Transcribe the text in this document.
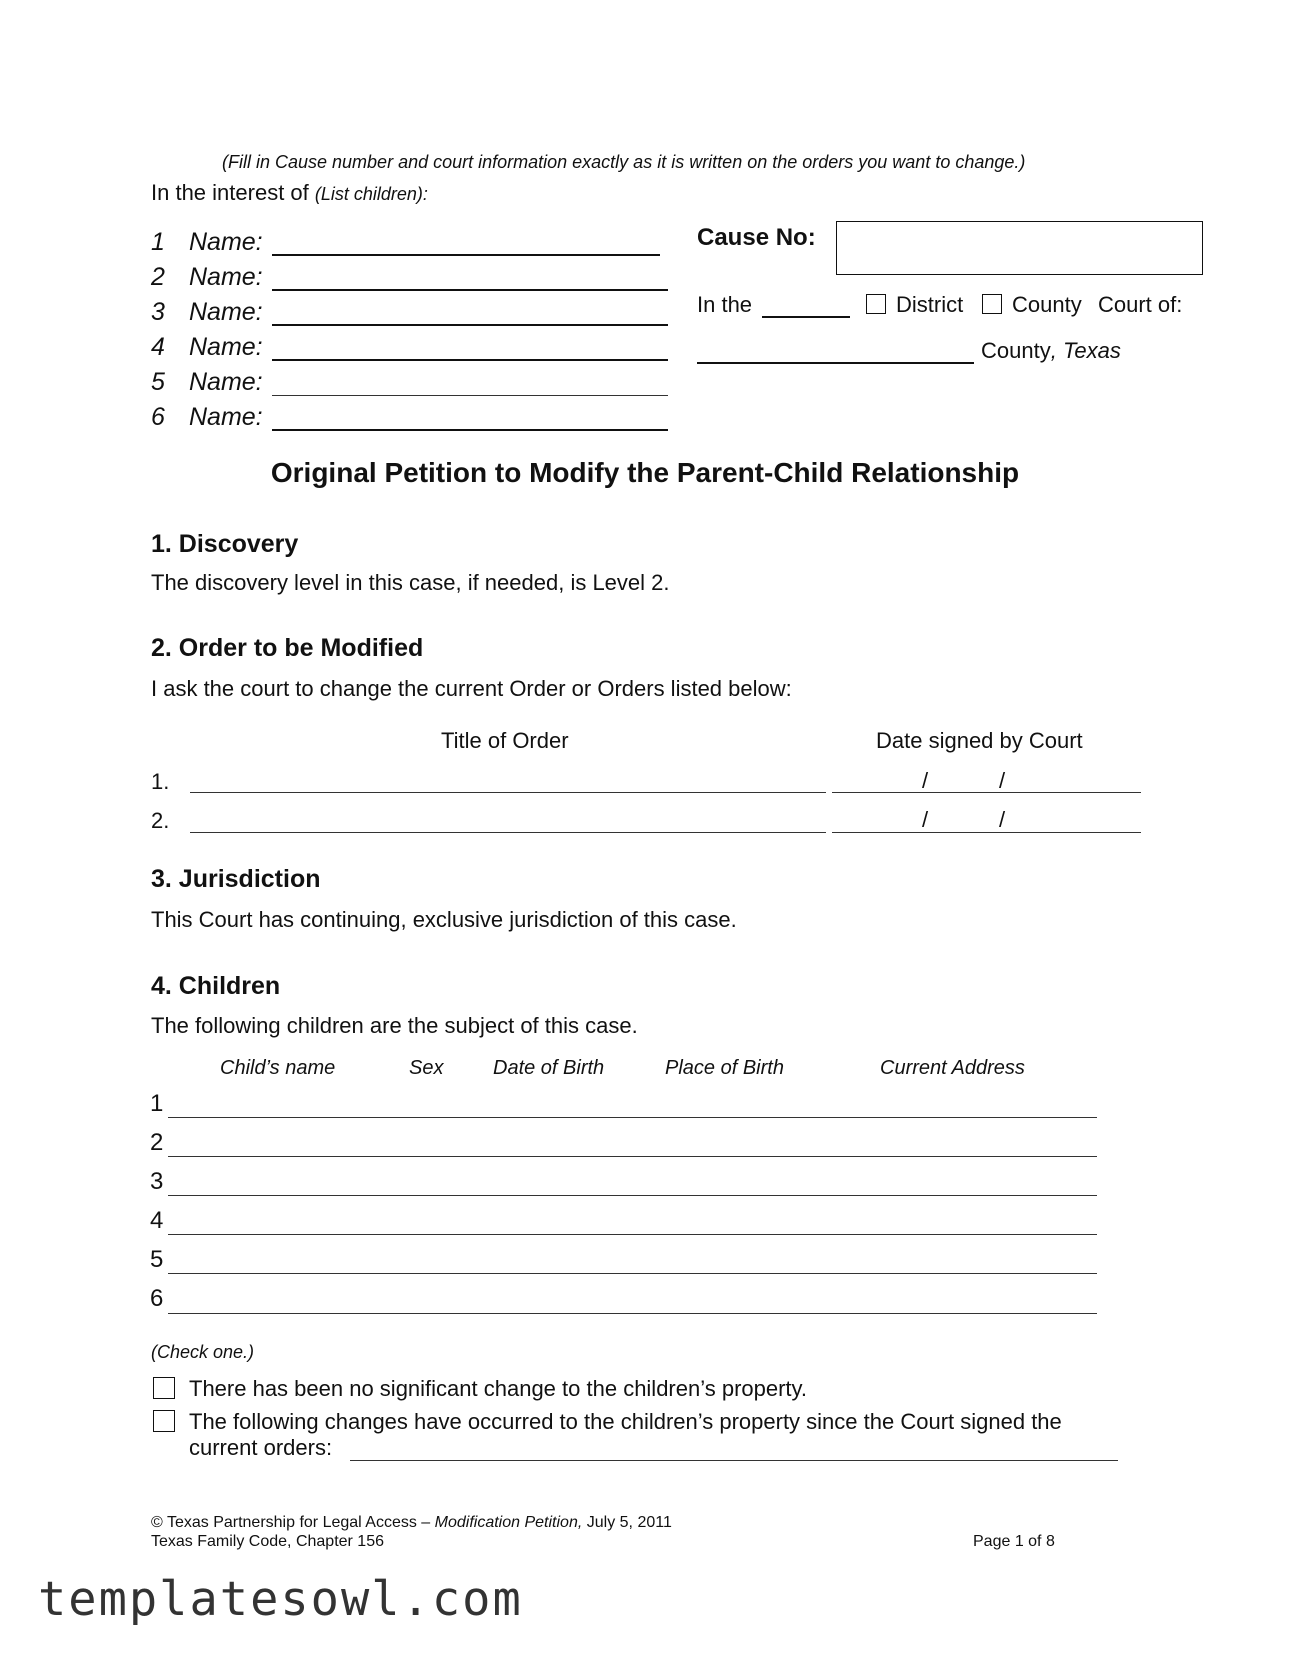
(Fill in Cause number and court information exactly as it is written on the orders you want to change.)
In the interest of (List children):
1 Name:
2 Name:
3 Name:
4 Name:
5 Name:
6 Name:
Cause No:
In the	District County Court of:
County, Texas
Original Petition to Modify the Parent-Child Relationship
1. Discovery
The discovery level in this case, if needed, is Level 2.
2. Order to be Modified
I ask the court to change the current Order or Orders listed below:
Title of Order	Date signed by Court
1.	/	/
2.	/	/
3. Jurisdiction
This Court has continuing, exclusive jurisdiction of this case.
4. Children
The following children are the subject of this case.
Child’s name	Sex Date of Birth	Place of Birth	Current Address
1
2
3
4
5
6
(Check one.)
There has been no significant change to the children’s property.
The following changes have occurred to the children’s property since the Court signed the
current orders:
© Texas Partnership for Legal Access – Modification Petition, July 5, 2011
Texas Family Code, Chapter 156	Page 1 of 8
templatesowl.com
